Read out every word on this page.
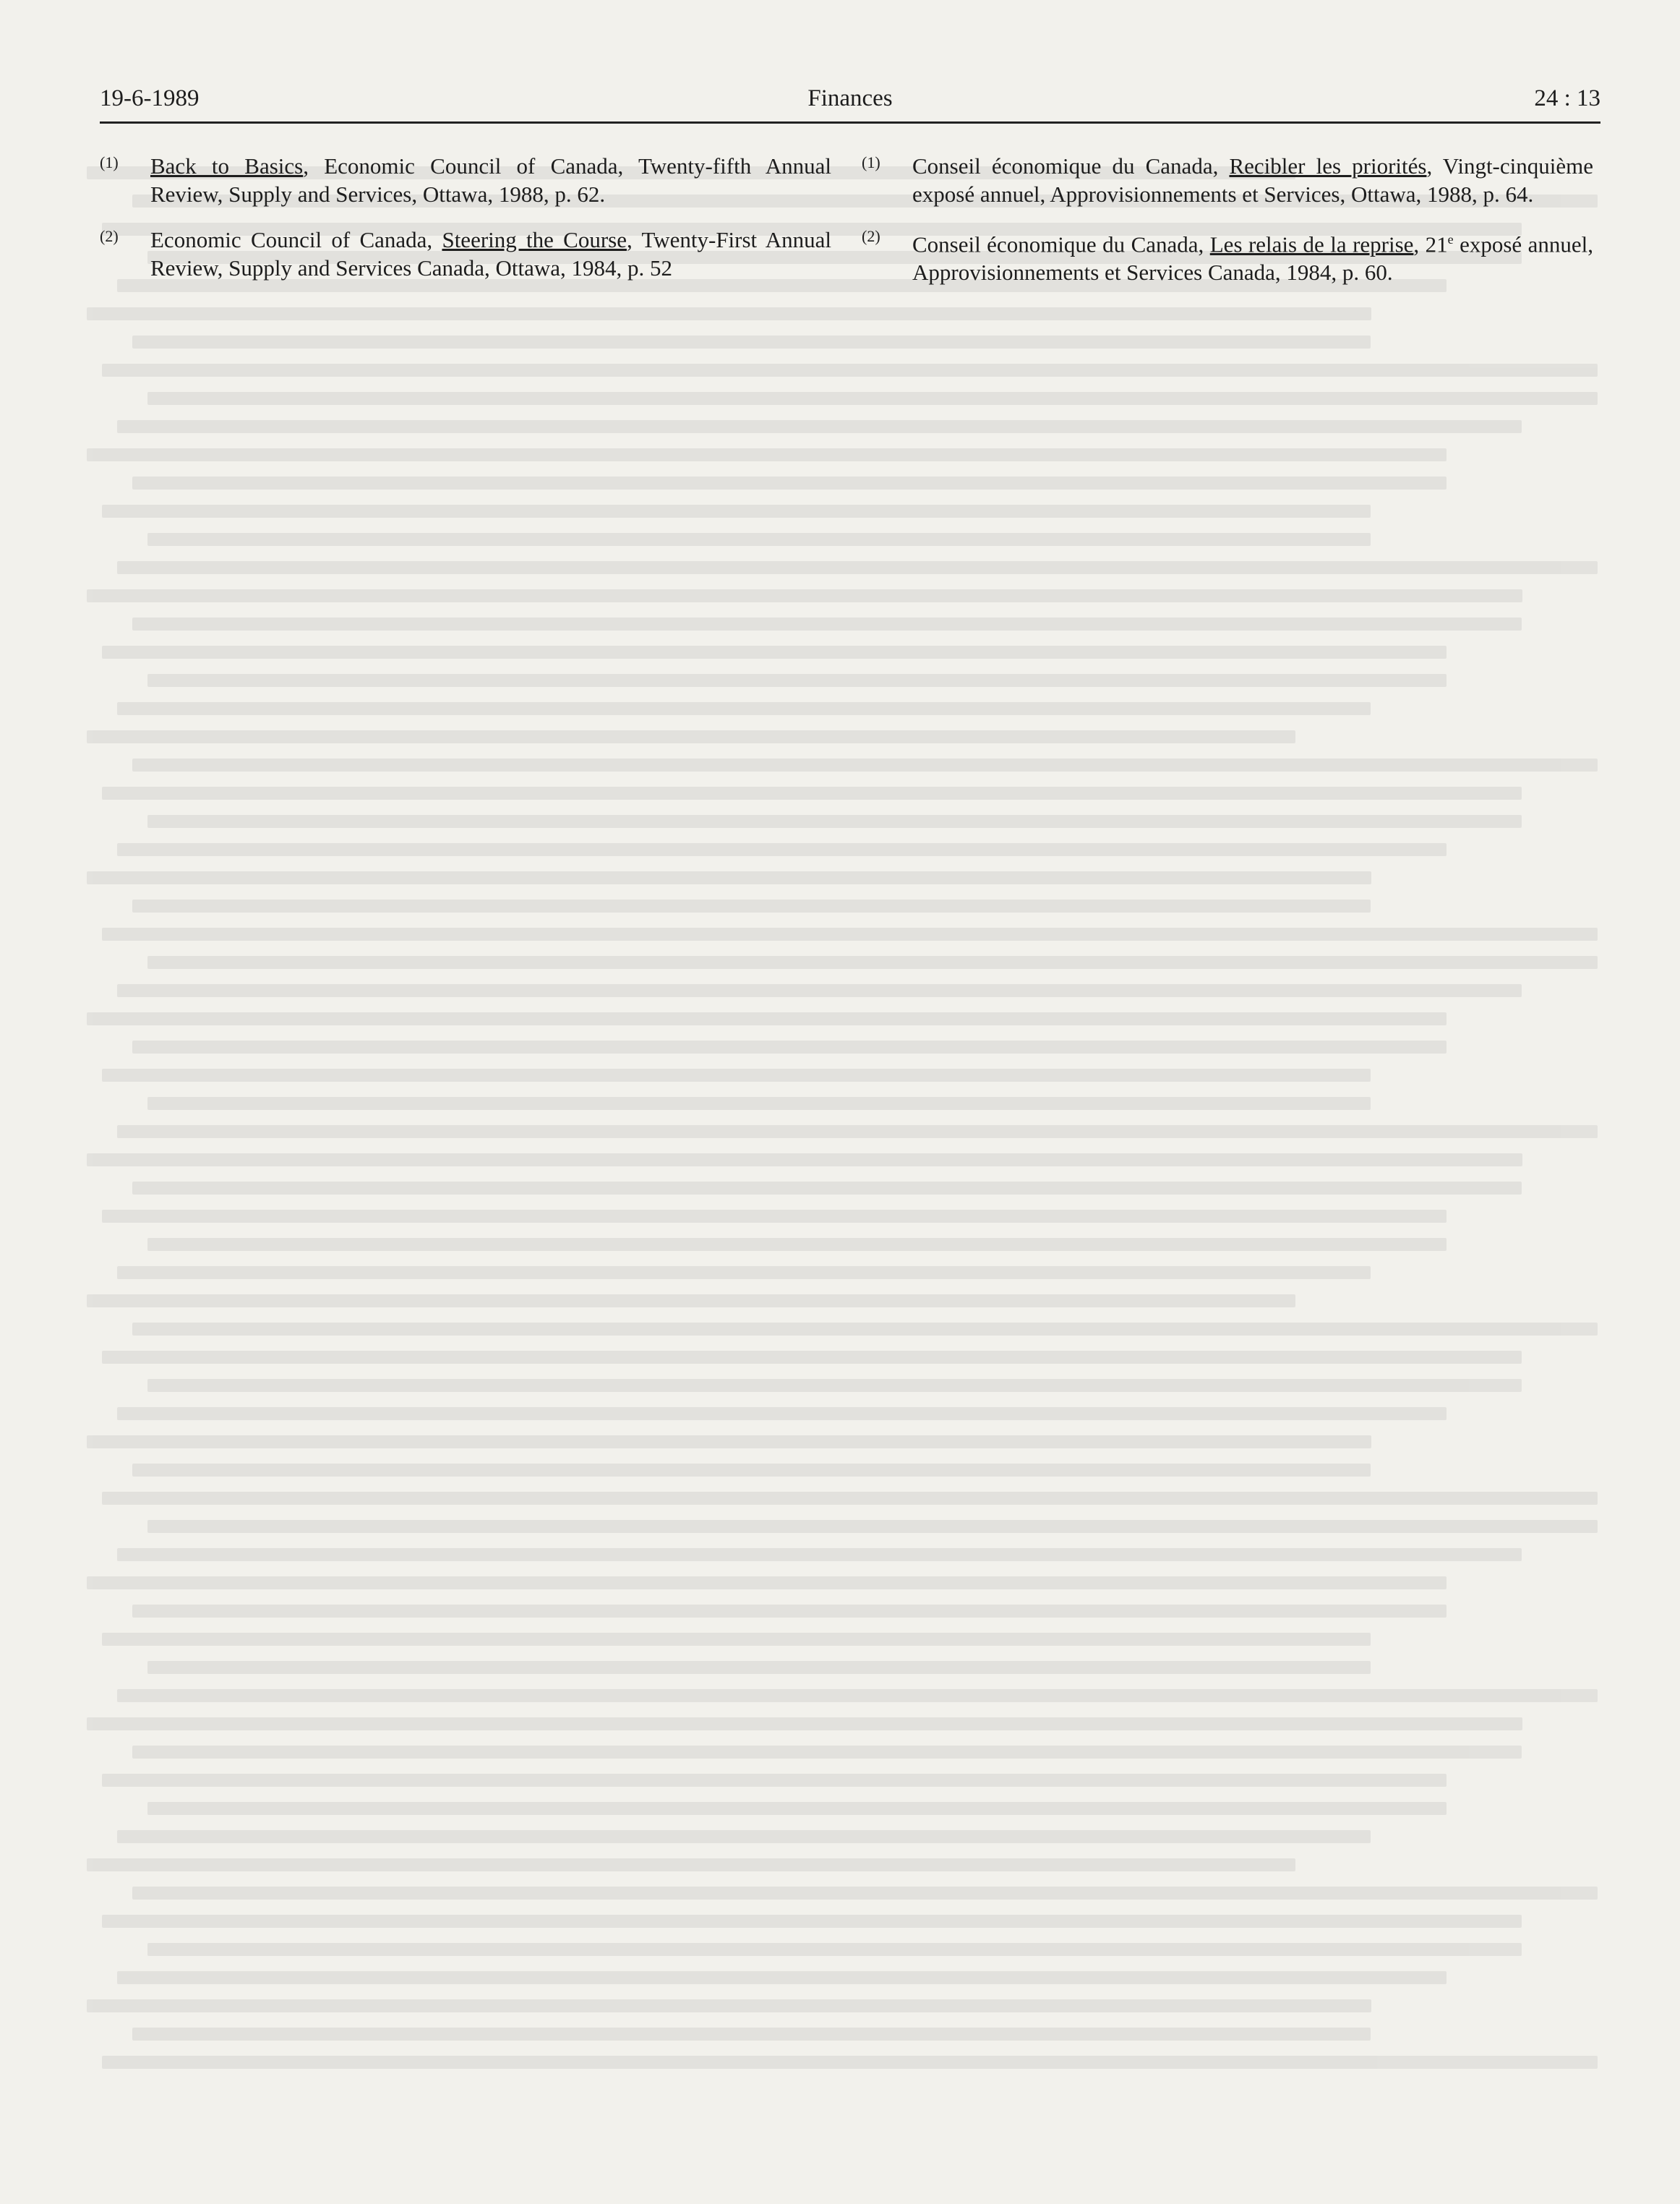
19-6-1989	Finances	24 : 13
(1) Back to Basics, Economic Council of Canada, Twenty-fifth Annual Review, Supply and Services, Ottawa, 1988, p. 62.
(2) Economic Council of Canada, Steering the Course, Twenty-First Annual Review, Supply and Services Canada, Ottawa, 1984, p. 52
(1) Conseil économique du Canada, Recibler les priorités, Vingt-cinquième exposé annuel, Approvisionnements et Services, Ottawa, 1988, p. 64.
(2) Conseil économique du Canada, Les relais de la reprise, 21e exposé annuel, Approvisionnements et Services Canada, 1984, p. 60.
